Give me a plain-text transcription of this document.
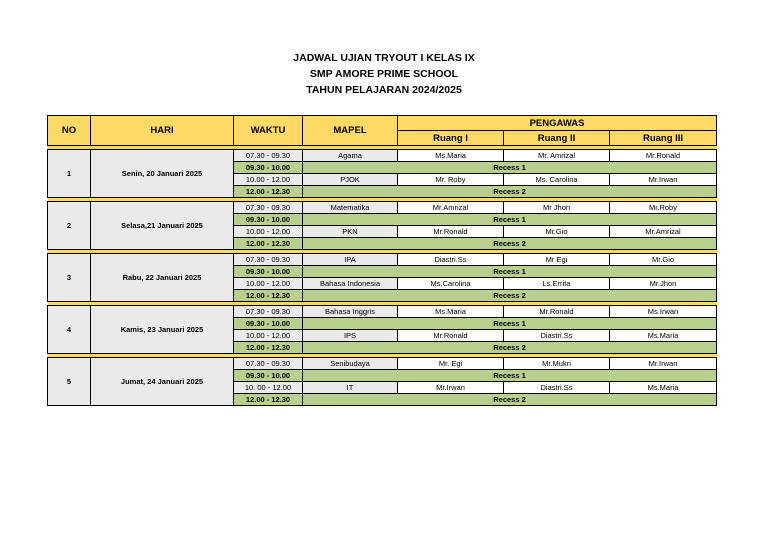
JADWAL UJIAN TRYOUT I KELAS IX
SMP AMORE PRIME SCHOOL
TAHUN PELAJARAN 2024/2025
NO	HARI	WAKTU	MAPEL	PENGAWAS		
				Ruang I	Ruang II	Ruang III

1	Senin, 20 Januari 2025	07.30 - 09.30	Agama	Ms.Maria	Mr. Amrizal	Mr.Ronald
		09.30 - 10.00	Recess 1			
		10.00 - 12.00	PJOK	Mr. Roby	Ms. Carolina	Mr.Irwan
		12.00 - 12.30	Recess 2			

2	Selasa,21 Januari 2025	07.30 - 09.30	Matematika	Mr.Amrizal	Mr Jhon	Mr.Roby
		09.30 - 10.00	Recess 1			
		10.00 - 12.00	PKN	Mr.Ronald	Mr.Gio	Mr.Amrizal
		12.00 - 12.30	Recess 2			

3	Rabu, 22 Januari 2025	07.30 - 09.30	IPA	Diastri.Ss	Mr Egi	Mr.Gio
		09.30 - 10.00	Recess 1			
		10.00 - 12.00	Bahasa Indonesia	Ms.Carolina	Ls.Errita	Mr.Jhon
		12.00 - 12.30	Recess 2			

4	Kamis, 23 Januari 2025	07.30 - 09.30	Bahasa Inggris	Ms.Maria	Mr.Ronald	Ms.Irwan
		09.30 - 10.00	Recess 1			
		10.00 - 12.00	IPS	Mr.Ronald	Diastri.Ss	Ms.Maria
		12.00 - 12.30	Recess 2			

5	Jumat, 24 Januari 2025	07.30 - 09.30	Senibudaya	Mr. Egi	Mr.Mukri	Mr.Irwan
		09.30 - 10.00	Recess 1			
		10. 00 - 12.00	IT	Mr.Irwan	Diastri.Ss	Ms.Maria
		12.00 - 12.30	Recess 2			
